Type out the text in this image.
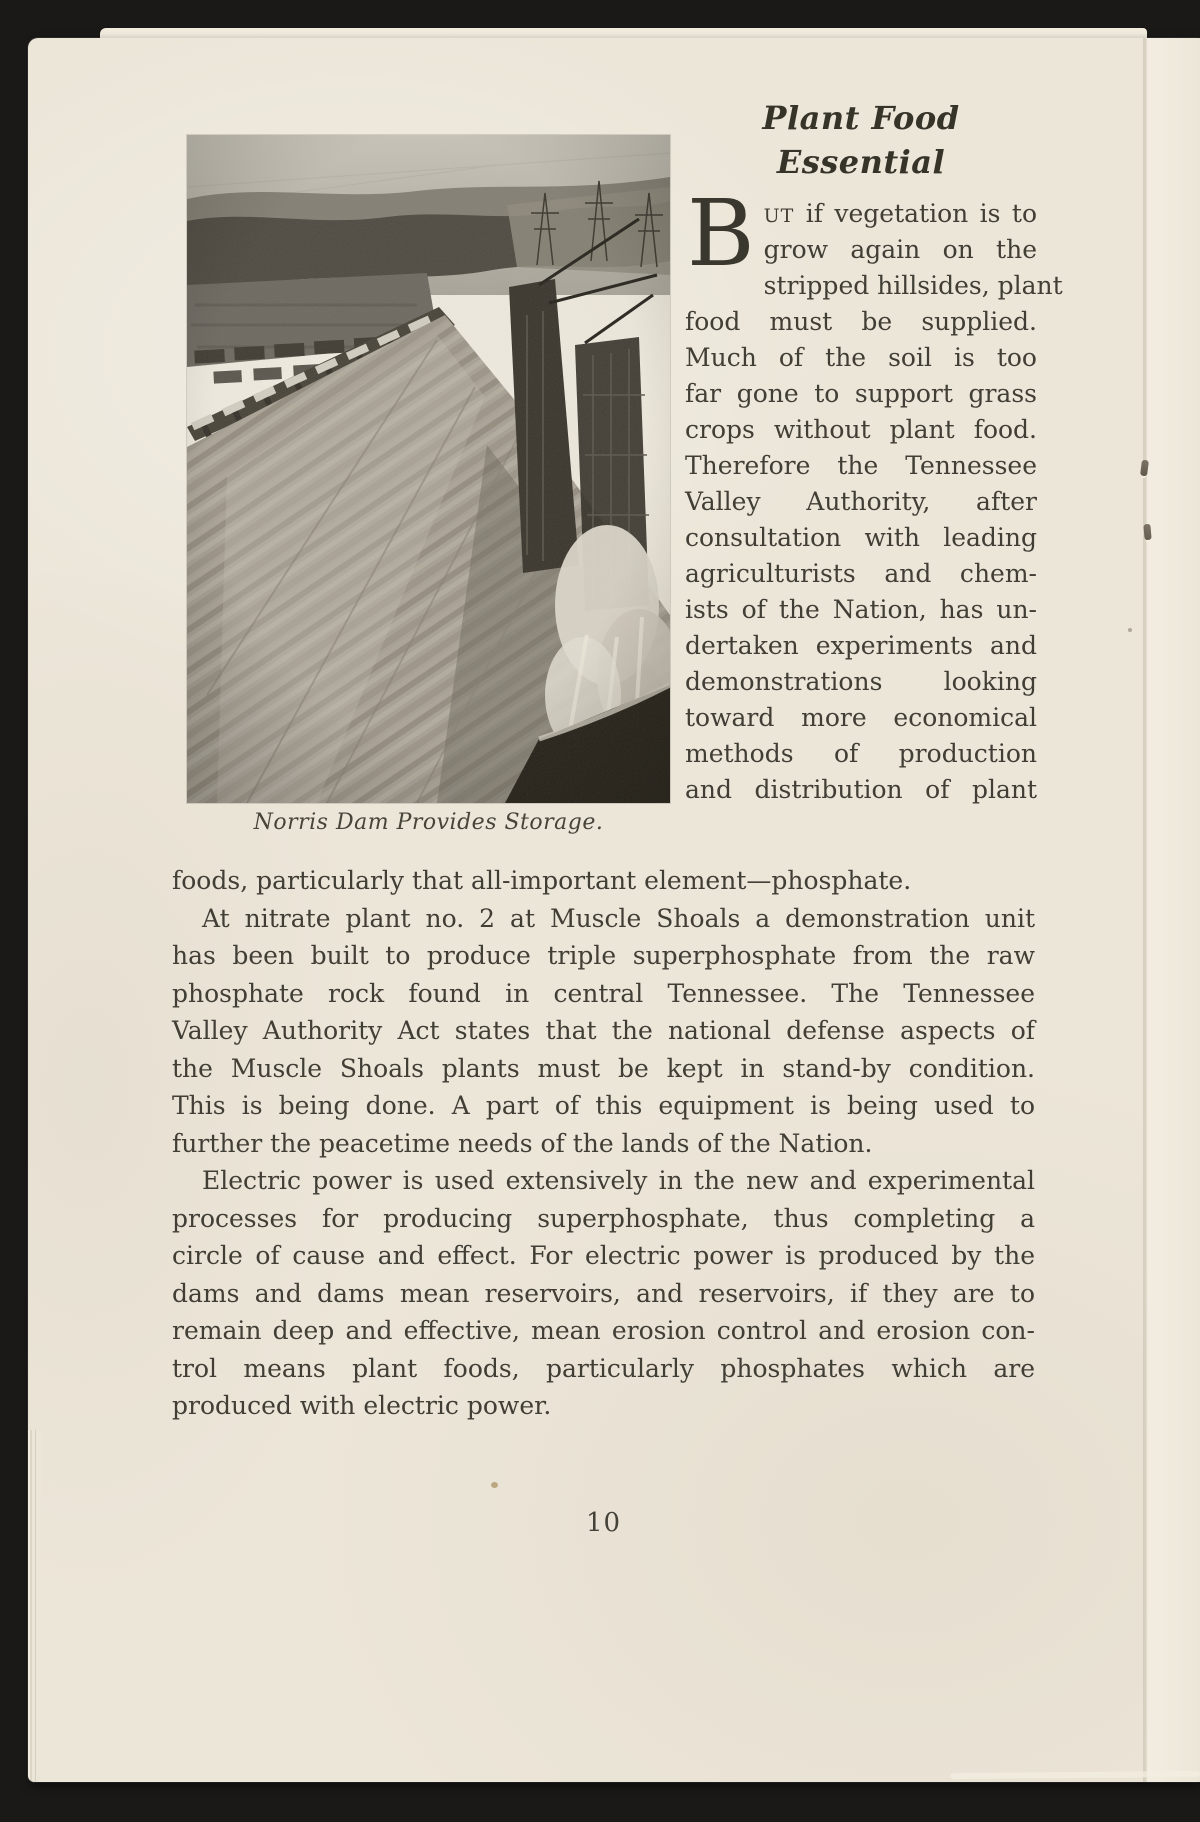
Norris Dam Provides Storage.
Plant Food
Essential
B UT if vegetation is to
grow again on the
stripped hillsides, plant
food must be supplied.
Much of the soil is too
far gone to support grass
crops without plant food.
Therefore the Tennessee
Valley Authority, after
consultation with leading
agriculturists and chem-
ists of the Nation, has un-
dertaken experiments and
demonstrations looking
toward more economical
methods of production
and distribution of plant
foods, particularly that all-important element—phosphate.
At nitrate plant no. 2 at Muscle Shoals a demonstration unit
has been built to produce triple superphosphate from the raw
phosphate rock found in central Tennessee. The Tennessee
Valley Authority Act states that the national defense aspects of
the Muscle Shoals plants must be kept in stand-by condition.
This is being done. A part of this equipment is being used to
further the peacetime needs of the lands of the Nation.
Electric power is used extensively in the new and experimental
processes for producing superphosphate, thus completing a
circle of cause and effect. For electric power is produced by the
dams and dams mean reservoirs, and reservoirs, if they are to
remain deep and effective, mean erosion control and erosion con-
trol means plant foods, particularly phosphates which are
produced with electric power.
10
